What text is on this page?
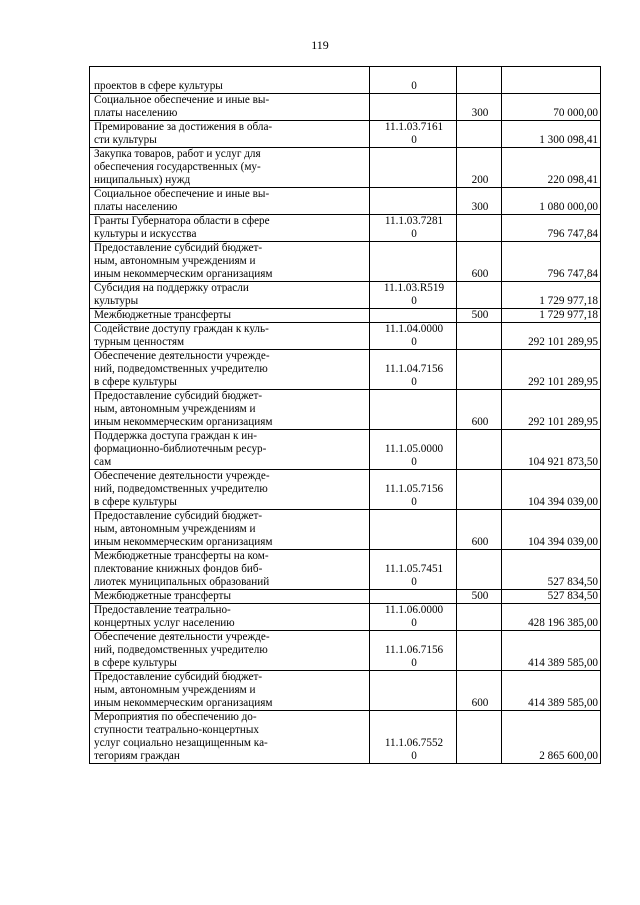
119
проектов в сфере культуры	0		

Социальное обеспечение и иные вы-
платы населению		300	70 000,00
Премирование за достижения в обла-
сти культуры	11.1.03.7161
0		1 300 098,41
Закупка товаров, работ и услуг для
обеспечения государственных (му-
ниципальных) нужд		200	220 098,41
Социальное обеспечение и иные вы-
платы населению		300	1 080 000,00
Гранты Губернатора области в сфере
культуры и искусства	11.1.03.7281
0		796 747,84
Предоставление субсидий бюджет-
ным, автономным учреждениям и
иным некоммерческим организациям		600	796 747,84
Субсидия на поддержку отрасли
культуры	11.1.03.R519
0		1 729 977,18
Межбюджетные трансферты		500	1 729 977,18
Содействие доступу граждан к куль-
турным ценностям	11.1.04.0000
0		292 101 289,95
Обеспечение деятельности учрежде-
ний, подведомственных учредителю
в сфере культуры	11.1.04.7156
0		292 101 289,95
Предоставление субсидий бюджет-
ным, автономным учреждениям и
иным некоммерческим организациям		600	292 101 289,95
Поддержка доступа граждан к ин-
формационно-библиотечным ресур-
сам	11.1.05.0000
0		104 921 873,50
Обеспечение деятельности учрежде-
ний, подведомственных учредителю
в сфере культуры	11.1.05.7156
0		104 394 039,00
Предоставление субсидий бюджет-
ным, автономным учреждениям и
иным некоммерческим организациям		600	104 394 039,00
Межбюджетные трансферты на ком-
плектование книжных фондов биб-
лиотек муниципальных образований	11.1.05.7451
0		527 834,50
Межбюджетные трансферты		500	527 834,50
Предоставление театрально-
концертных услуг населению	11.1.06.0000
0		428 196 385,00
Обеспечение деятельности учрежде-
ний, подведомственных учредителю
в сфере культуры	11.1.06.7156
0		414 389 585,00
Предоставление субсидий бюджет-
ным, автономным учреждениям и
иным некоммерческим организациям		600	414 389 585,00
Мероприятия по обеспечению до-
ступности театрально-концертных
услуг социально незащищенным ка-
тегориям граждан	11.1.06.7552
0		2 865 600,00
